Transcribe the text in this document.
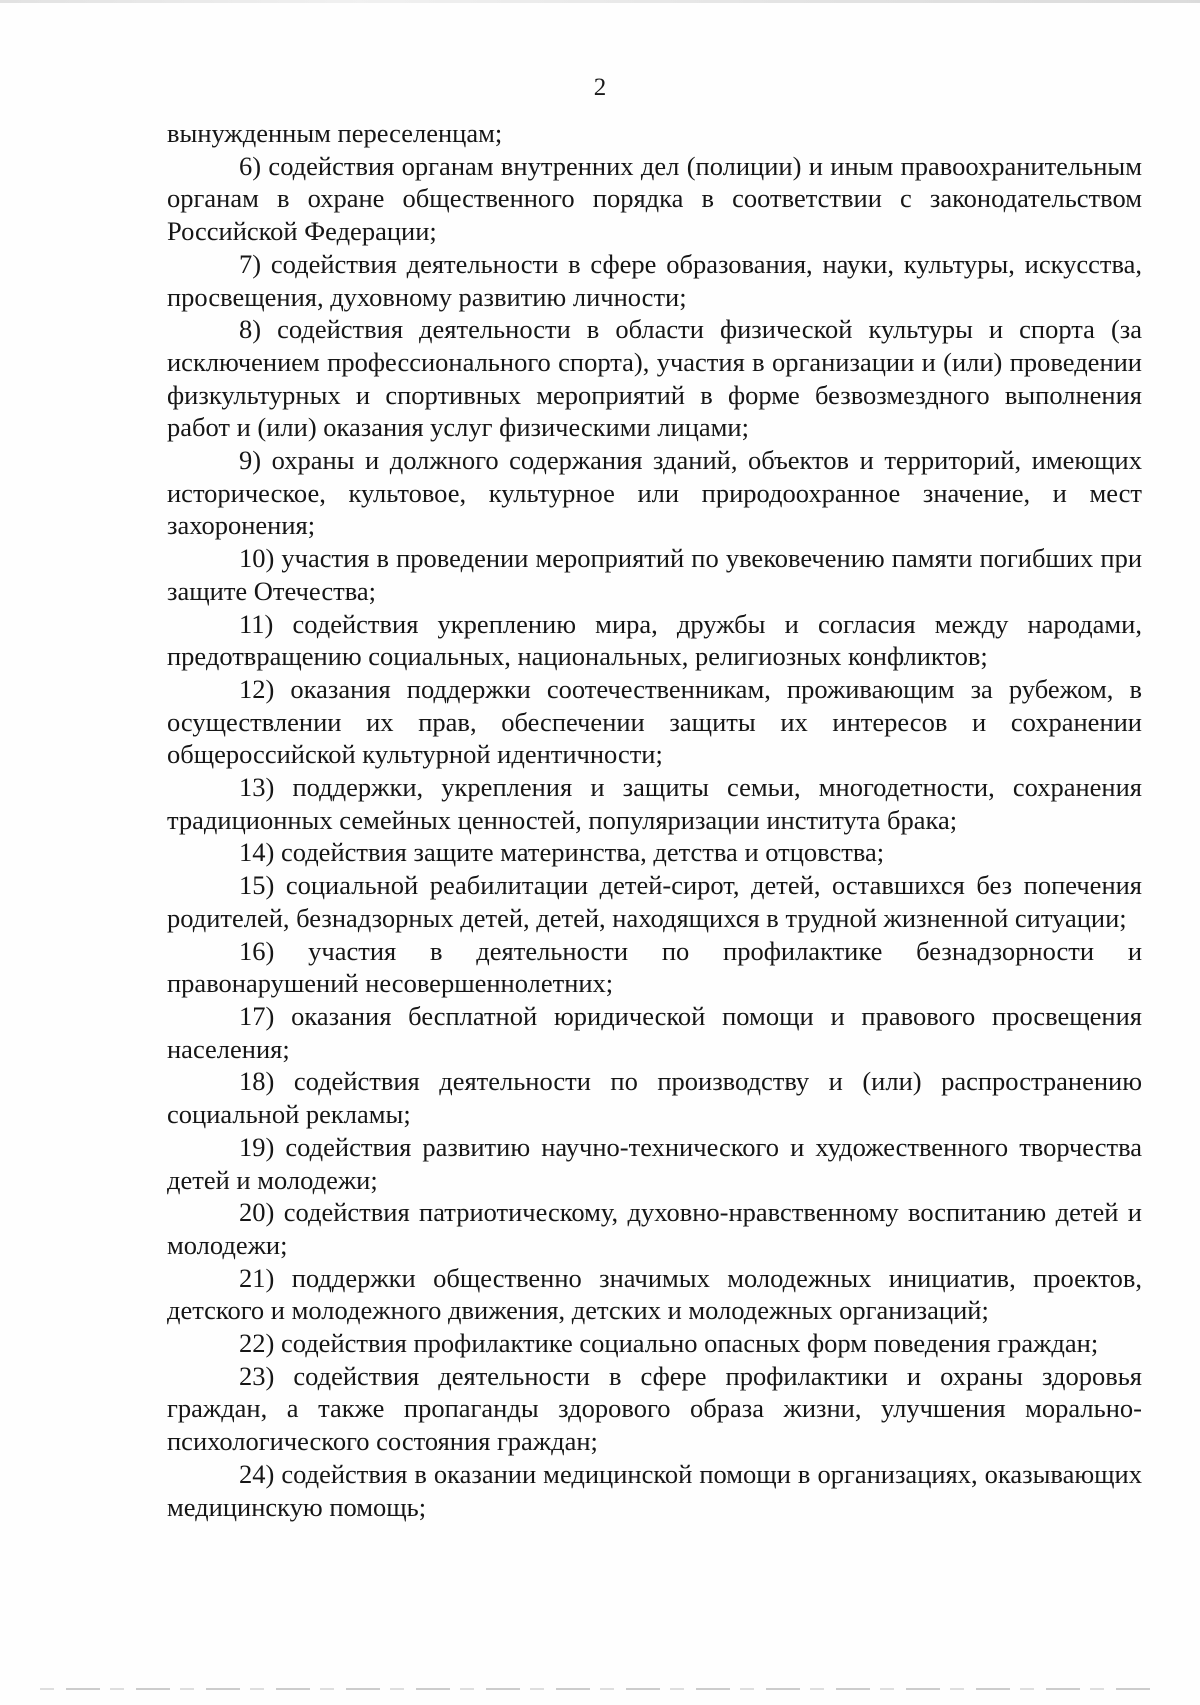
2

вынужденным переселенцам;

6) содействия органам внутренних дел (полиции) и иным правоохранительным органам в охране общественного порядка в соответствии с законодательством Российской Федерации;

7) содействия деятельности в сфере образования, науки, культуры, искусства, просвещения, духовному развитию личности;

8) содействия деятельности в области физической культуры и спорта (за исключением профессионального спорта), участия в организации и (или) проведении физкультурных и спортивных мероприятий в форме безвозмездного выполнения работ и (или) оказания услуг физическими лицами;

9) охраны и должного содержания зданий, объектов и территорий, имеющих историческое, культовое, культурное или природоохранное значение, и мест захоронения;

10) участия в проведении мероприятий по увековечению памяти погибших при защите Отечества;

11) содействия укреплению мира, дружбы и согласия между народами, предотвращению социальных, национальных, религиозных конфликтов;

12) оказания поддержки соотечественникам, проживающим за рубежом, в осуществлении их прав, обеспечении защиты их интересов и сохранении общероссийской культурной идентичности;

13) поддержки, укрепления и защиты семьи, многодетности, сохранения традиционных семейных ценностей, популяризации института брака;

14) содействия защите материнства, детства и отцовства;

15) социальной реабилитации детей-сирот, детей, оставшихся без попечения родителей, безнадзорных детей, детей, находящихся в трудной жизненной ситуации;

16) участия в деятельности по профилактике безнадзорности и правонарушений несовершеннолетних;

17) оказания бесплатной юридической помощи и правового просвещения населения;

18) содействия деятельности по производству и (или) распространению социальной рекламы;

19) содействия развитию научно-технического и художественного творчества детей и молодежи;

20) содействия патриотическому, духовно-нравственному воспитанию детей и молодежи;

21) поддержки общественно значимых молодежных инициатив, проектов, детского и молодежного движения, детских и молодежных организаций;

22) содействия профилактике социально опасных форм поведения граждан;

23) содействия деятельности в сфере профилактики и охраны здоровья граждан, а также пропаганды здорового образа жизни, улучшения морально-психологического состояния граждан;

24) содействия в оказании медицинской помощи в организациях, оказывающих медицинскую помощь;
